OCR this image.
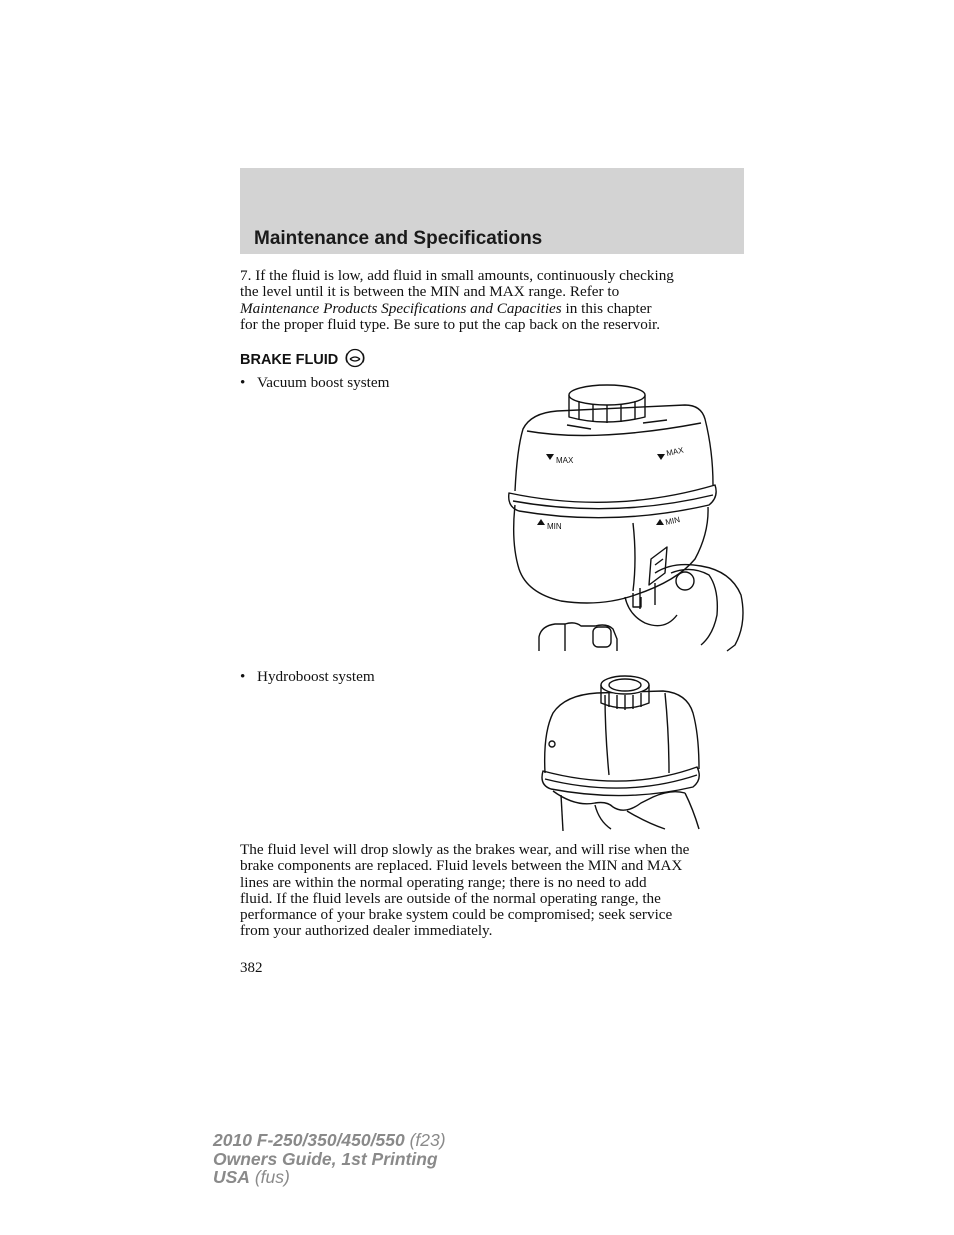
Maintenance and Specifications
7. If the fluid is low, add fluid in small amounts, continuously checking
the level until it is between the MIN and MAX range. Refer to
Maintenance Products Specifications and Capacities in this chapter
for the proper fluid type. Be sure to put the cap back on the reservoir.
BRAKE FLUID
• Vacuum boost system
MAX
MAX
MIN	MIN
• Hydroboost system
The fluid level will drop slowly as the brakes wear, and will rise when the
brake components are replaced. Fluid levels between the MIN and MAX
lines are within the normal operating range; there is no need to add
fluid. If the fluid levels are outside of the normal operating range, the
performance of your brake system could be compromised; seek service
from your authorized dealer immediately.
382
2010 F-250/350/450/550 (f23)
Owners Guide, 1st Printing
USA (fus)
